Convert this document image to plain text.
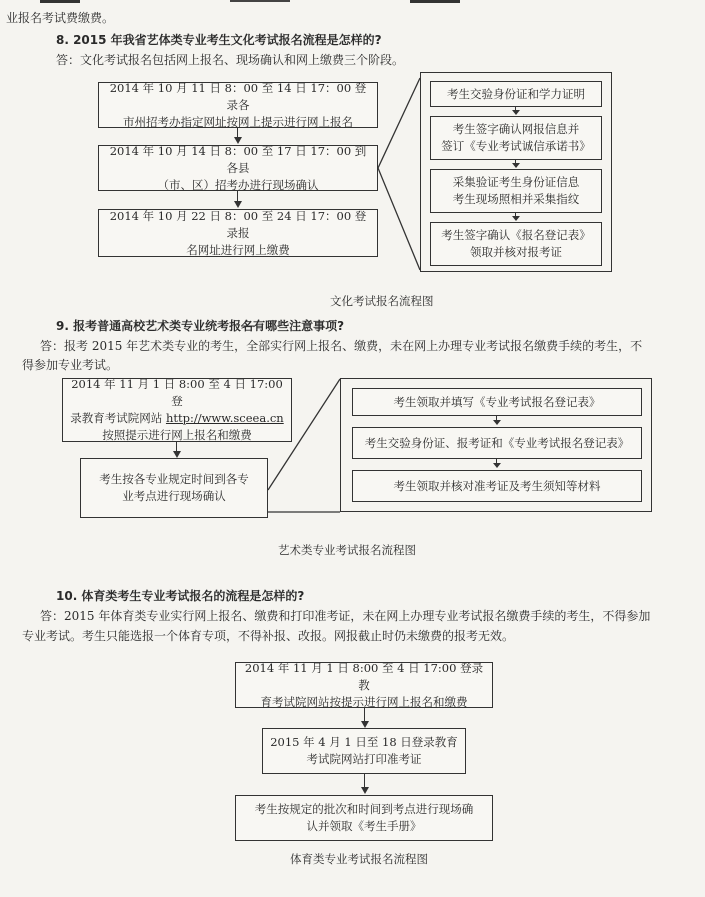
业报名考试费缴费。
8. 2015 年我省艺体类专业考生文化考试报名流程是怎样的?
答：文化考试报名包括网上报名、现场确认和网上缴费三个阶段。
2014 年 10 月 11 日 8：00 至 14 日 17：00 登录各
市州招考办指定网址按网上提示进行网上报名
2014 年 10 月 14 日 8：00 至 17 日 17：00 到各县
（市、区）招考办进行现场确认
2014 年 10 月 22 日 8：00 至 24 日 17：00 登录报
名网址进行网上缴费
考生交验身份证和学力证明
考生签字确认网报信息并
签订《专业考试诚信承诺书》
采集验证考生身份证信息
考生现场照相并采集指纹
考生签字确认《报名登记表》
领取并核对报考证
文化考试报名流程图
9. 报考普通高校艺术类专业统考报名有哪些注意事项?
答：报考 2015 年艺术类专业的考生，全部实行网上报名、缴费，未在网上办理专业考试报名缴费手续的考生，不
得参加专业考试。
2014 年 11 月 1 日 8:00 至 4 日 17:00 登
录教育考试院网站 http://www.sceea.cn
按照提示进行网上报名和缴费
考生按各专业规定时间到各专
业考点进行现场确认
考生领取并填写《专业考试报名登记表》
考生交验身份证、报考证和《专业考试报名登记表》
考生领取并核对准考证及考生须知等材料
艺术类专业考试报名流程图
10. 体育类考生专业考试报名的流程是怎样的?
答：2015 年体育类专业实行网上报名、缴费和打印准考证，未在网上办理专业考试报名缴费手续的考生，不得参加
专业考试。考生只能选报一个体育专项，不得补报、改报。网报截止时仍未缴费的报考无效。
2014 年 11 月 1 日 8:00 至 4 日 17:00 登录教
育考试院网站按提示进行网上报名和缴费
2015 年 4 月 1 日至 18 日登录教育
考试院网站打印准考证
考生按规定的批次和时间到考点进行现场确
认并领取《考生手册》
体育类专业考试报名流程图
